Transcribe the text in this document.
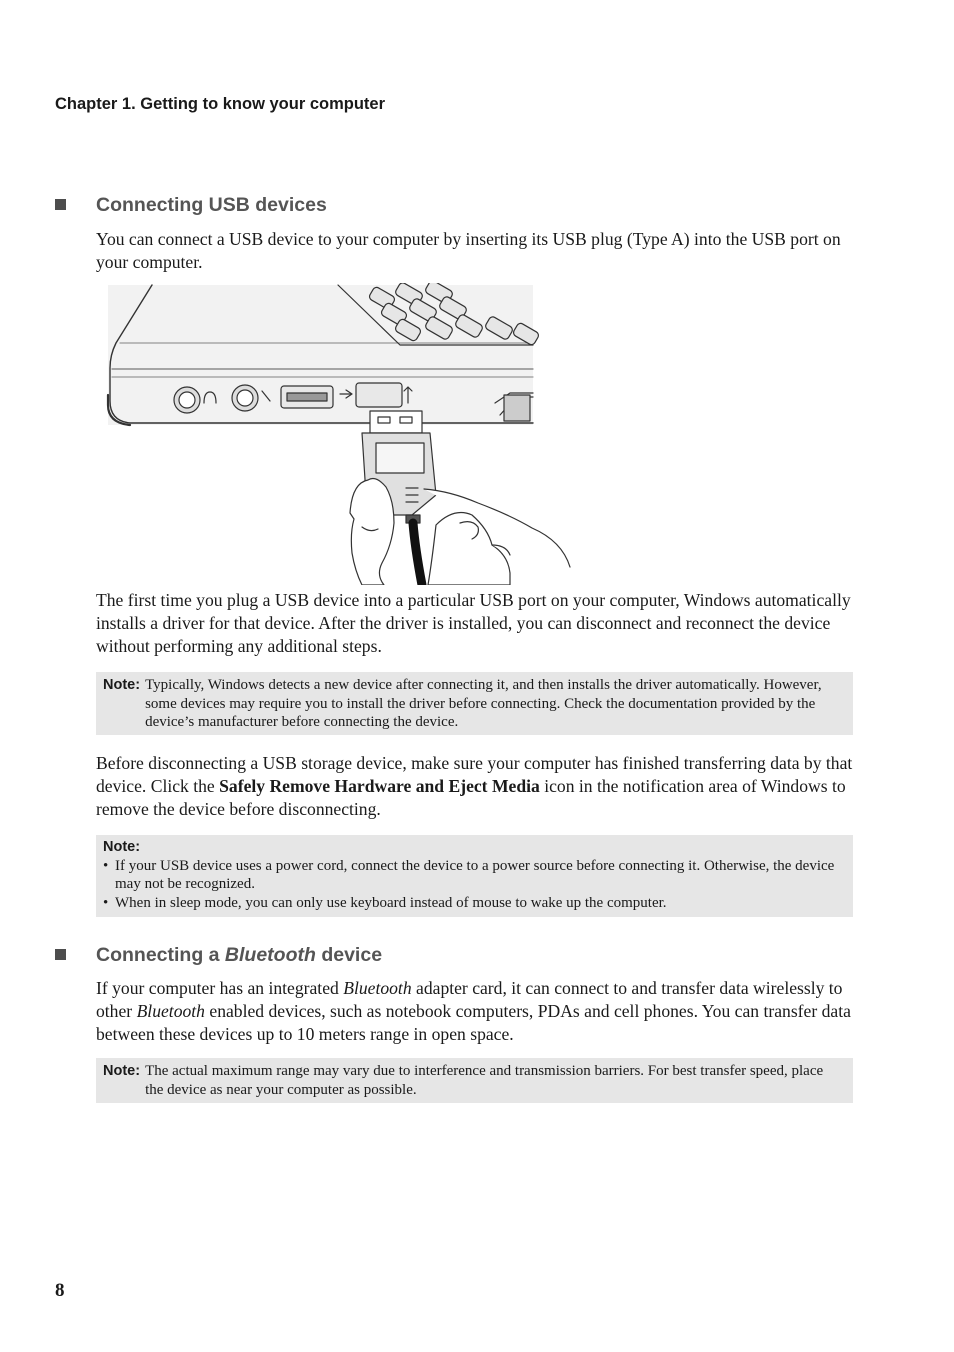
Chapter 1. Getting to know your computer
Connecting USB devices
You can connect a USB device to your computer by inserting its USB plug (Type A) into the USB port on your computer.
The first time you plug a USB device into a particular USB port on your computer, Windows automatically installs a driver for that device. After the driver is installed, you can disconnect and reconnect the device without performing any additional steps.
Note: Typically, Windows detects a new device after connecting it, and then installs the driver automatically. However, some devices may require you to install the driver before connecting. Check the documentation provided by the device’s manufacturer before connecting the device.
Before disconnecting a USB storage device, make sure your computer has finished transferring data by that device. Click the Safely Remove Hardware and Eject Media icon in the notification area of Windows to remove the device before disconnecting.
Note:
• If your USB device uses a power cord, connect the device to a power source before connecting it. Otherwise, the device may not be recognized.
• When in sleep mode, you can only use keyboard instead of mouse to wake up the computer.
Connecting a Bluetooth device
If your computer has an integrated Bluetooth adapter card, it can connect to and transfer data wirelessly to other Bluetooth enabled devices, such as notebook computers, PDAs and cell phones. You can transfer data between these devices up to 10 meters range in open space.
Note: The actual maximum range may vary due to interference and transmission barriers. For best transfer speed, place the device as near your computer as possible.
8
